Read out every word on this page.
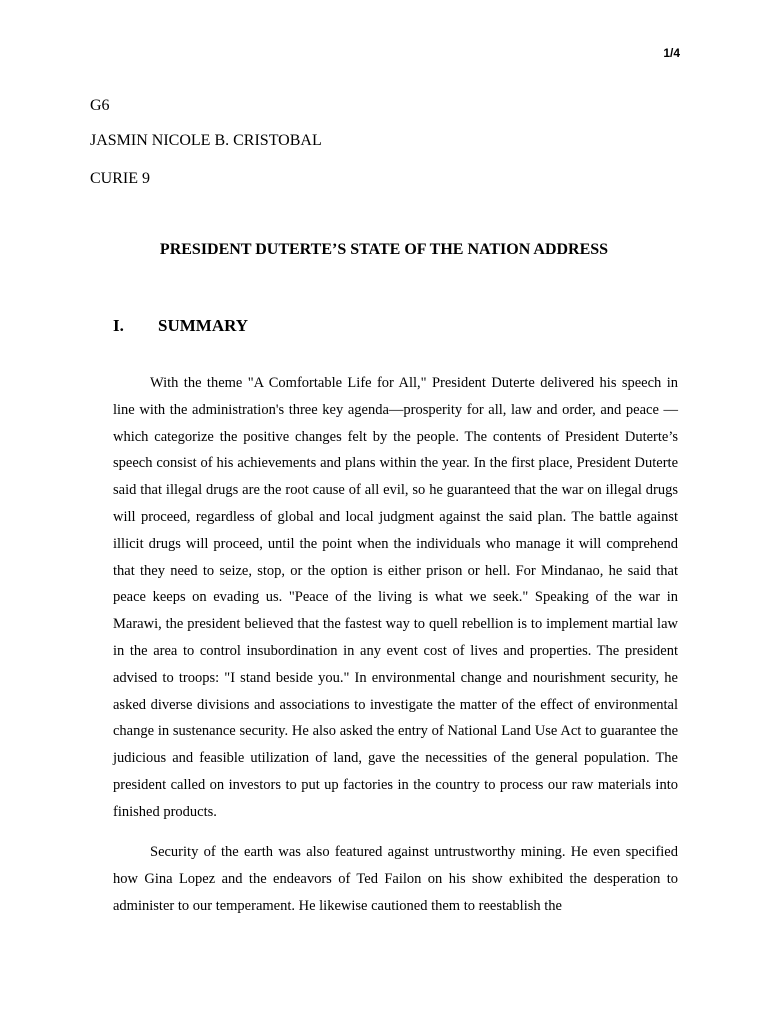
1/4
G6
JASMIN NICOLE B. CRISTOBAL
CURIE 9
PRESIDENT DUTERTE’S STATE OF THE NATION ADDRESS
I. SUMMARY

With the theme "A Comfortable Life for All," President Duterte delivered his speech in line with the administration's three key agenda—prosperity for all, law and order, and peace —which categorize the positive changes felt by the people. The contents of President Duterte’s speech consist of his achievements and plans within the year. In the first place, President Duterte said that illegal drugs are the root cause of all evil, so he guaranteed that the war on illegal drugs will proceed, regardless of global and local judgment against the said plan. The battle against illicit drugs will proceed, until the point when the individuals who manage it will comprehend that they need to seize, stop, or the option is either prison or hell. For Mindanao, he said that peace keeps on evading us. "Peace of the living is what we seek." Speaking of the war in Marawi, the president believed that the fastest way to quell rebellion is to implement martial law in the area to control insubordination in any event cost of lives and properties. The president advised to troops: "I stand beside you." In environmental change and nourishment security, he asked diverse divisions and associations to investigate the matter of the effect of environmental change in sustenance security. He also asked the entry of National Land Use Act to guarantee the judicious and feasible utilization of land, gave the necessities of the general population. The president called on investors to put up factories in the country to process our raw materials into finished products.

Security of the earth was also featured against untrustworthy mining. He even specified how Gina Lopez and the endeavors of Ted Failon on his show exhibited the desperation to administer to our temperament. He likewise cautioned them to reestablish the
